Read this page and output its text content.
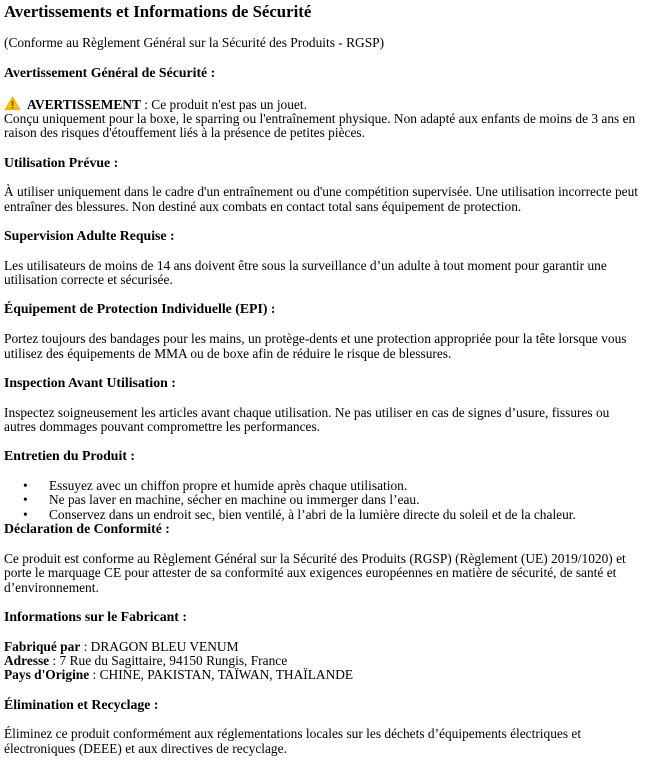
Avertissements et Informations de Sécurité

(Conforme au Règlement Général sur la Sécurité des Produits - RGSP)

Avertissement Général de Sécurité :

AVERTISSEMENT : Ce produit n'est pas un jouet.
Conçu uniquement pour la boxe, le sparring ou l'entraînement physique. Non adapté aux enfants de moins de 3 ans en raison des risques d'étouffement liés à la présence de petites pièces.

Utilisation Prévue :

À utiliser uniquement dans le cadre d'un entraînement ou d'une compétition supervisée. Une utilisation incorrecte peut entraîner des blessures. Non destiné aux combats en contact total sans équipement de protection.

Supervision Adulte Requise :

Les utilisateurs de moins de 14 ans doivent être sous la surveillance d’un adulte à tout moment pour garantir une utilisation correcte et sécurisée.

Équipement de Protection Individuelle (EPI) :

Portez toujours des bandages pour les mains, un protège-dents et une protection appropriée pour la tête lorsque vous utilisez des équipements de MMA ou de boxe afin de réduire le risque de blessures.

Inspection Avant Utilisation :

Inspectez soigneusement les articles avant chaque utilisation. Ne pas utiliser en cas de signes d’usure, fissures ou autres dommages pouvant compromettre les performances.

Entretien du Produit :
• Essuyez avec un chiffon propre et humide après chaque utilisation.
• Ne pas laver en machine, sécher en machine ou immerger dans l’eau.
• Conservez dans un endroit sec, bien ventilé, à l’abri de la lumière directe du soleil et de la chaleur.
Déclaration de Conformité :

Ce produit est conforme au Règlement Général sur la Sécurité des Produits (RGSP) (Règlement (UE) 2019/1020) et porte le marquage CE pour attester de sa conformité aux exigences européennes en matière de sécurité, de santé et d’environnement.

Informations sur le Fabricant :

Fabriqué par : DRAGON BLEU VENUM
Adresse : 7 Rue du Sagittaire, 94150 Rungis, France
Pays d'Origine : CHINE, PAKISTAN, TAÏWAN, THAÏLANDE

Élimination et Recyclage :

Éliminez ce produit conformément aux réglementations locales sur les déchets d’équipements électriques et électroniques (DEEE) et aux directives de recyclage.
